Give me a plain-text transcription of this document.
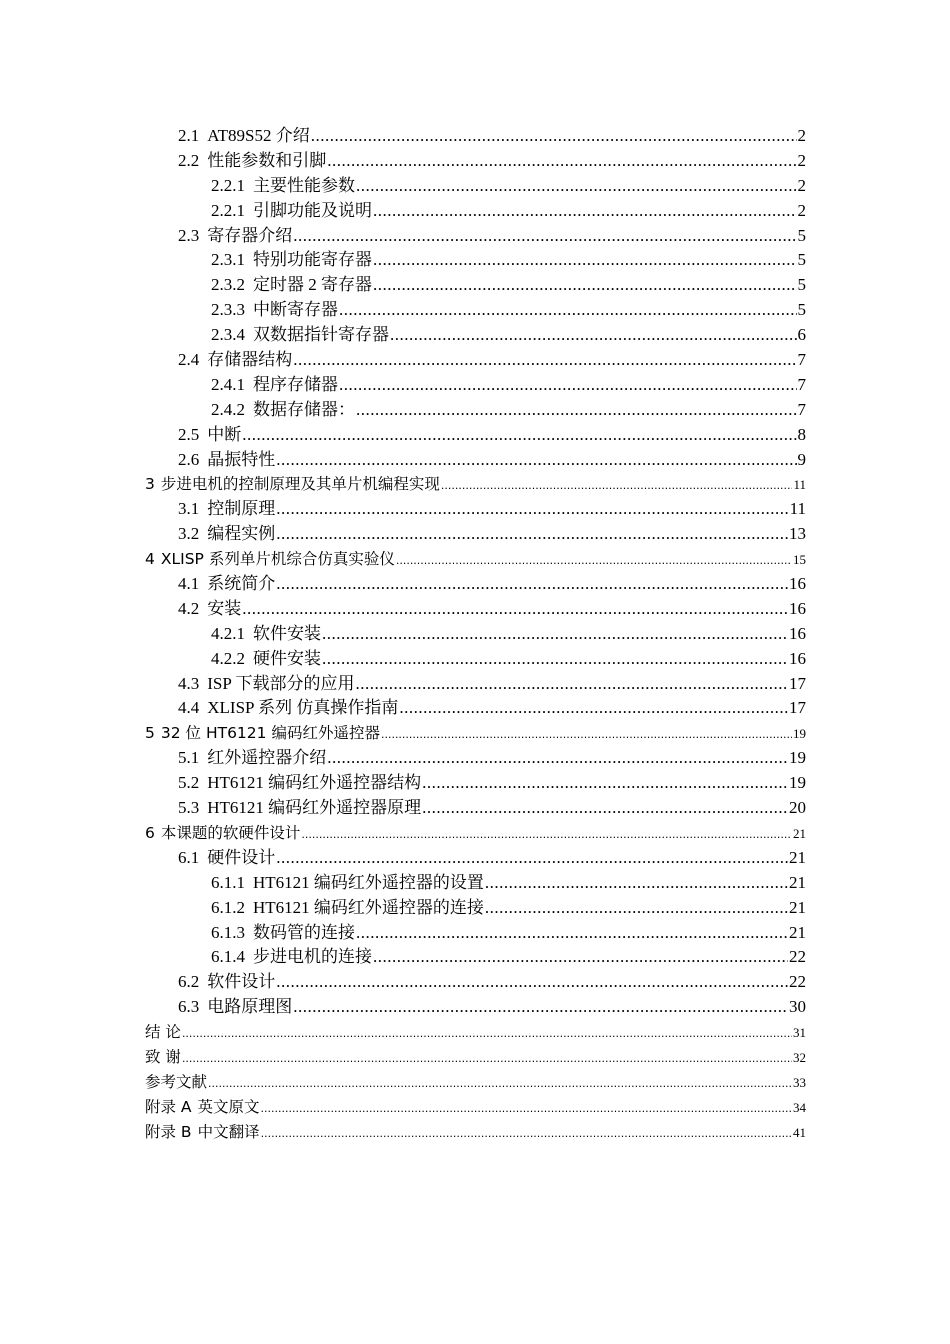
2.1 AT89S52 介绍 .....	2
2.2 性能参数和引脚 .....	2
2.2.1 主要性能参数 .....	2
2.2.1 引脚功能及说明 .....	2
2.3 寄存器介绍 .....	5
2.3.1 特别功能寄存器 .....	5
2.3.2 定时器 2 寄存器 .....	5
2.3.3 中断寄存器 .....	5
2.3.4 双数据指针寄存器 .....	6
2.4 存储器结构 .....	7
2.4.1 程序存储器 .....	7
2.4.2 数据存储器： .....	7
2.5 中断 .....	8
2.6 晶振特性 .....	9
3 步进电机的控制原理及其单片机编程实现 .....	11
3.1 控制原理 .....	11
3.2 编程实例 .....	13
4 XLISP 系列单片机综合仿真实验仪 .....	15
4.1 系统简介 .....	16
4.2 安装 .....	16
4.2.1 软件安装 .....	16
4.2.2 硬件安装 .....	16
4.3 ISP 下载部分的应用 .....	17
4.4 XLISP 系列 仿真操作指南 .....	17
5 32 位 HT6121 编码红外遥控器 .....	19
5.1 红外遥控器介绍 .....	19
5.2 HT6121 编码红外遥控器结构 .....	19
5.3 HT6121 编码红外遥控器原理 .....	20
6 本课题的软硬件设计 .....	21
6.1 硬件设计 .....	21
6.1.1 HT6121 编码红外遥控器的设置 .....	21
6.1.2 HT6121 编码红外遥控器的连接 .....	21
6.1.3 数码管的连接 .....	21
6.1.4 步进电机的连接 .....	22
6.2 软件设计 .....	22
6.3 电路原理图 .....	30
结 论 .....	31
致 谢 .....	32
参考文献 .....	33
附录 A 英文原文 .....	34
附录 B 中文翻译 .....	41
